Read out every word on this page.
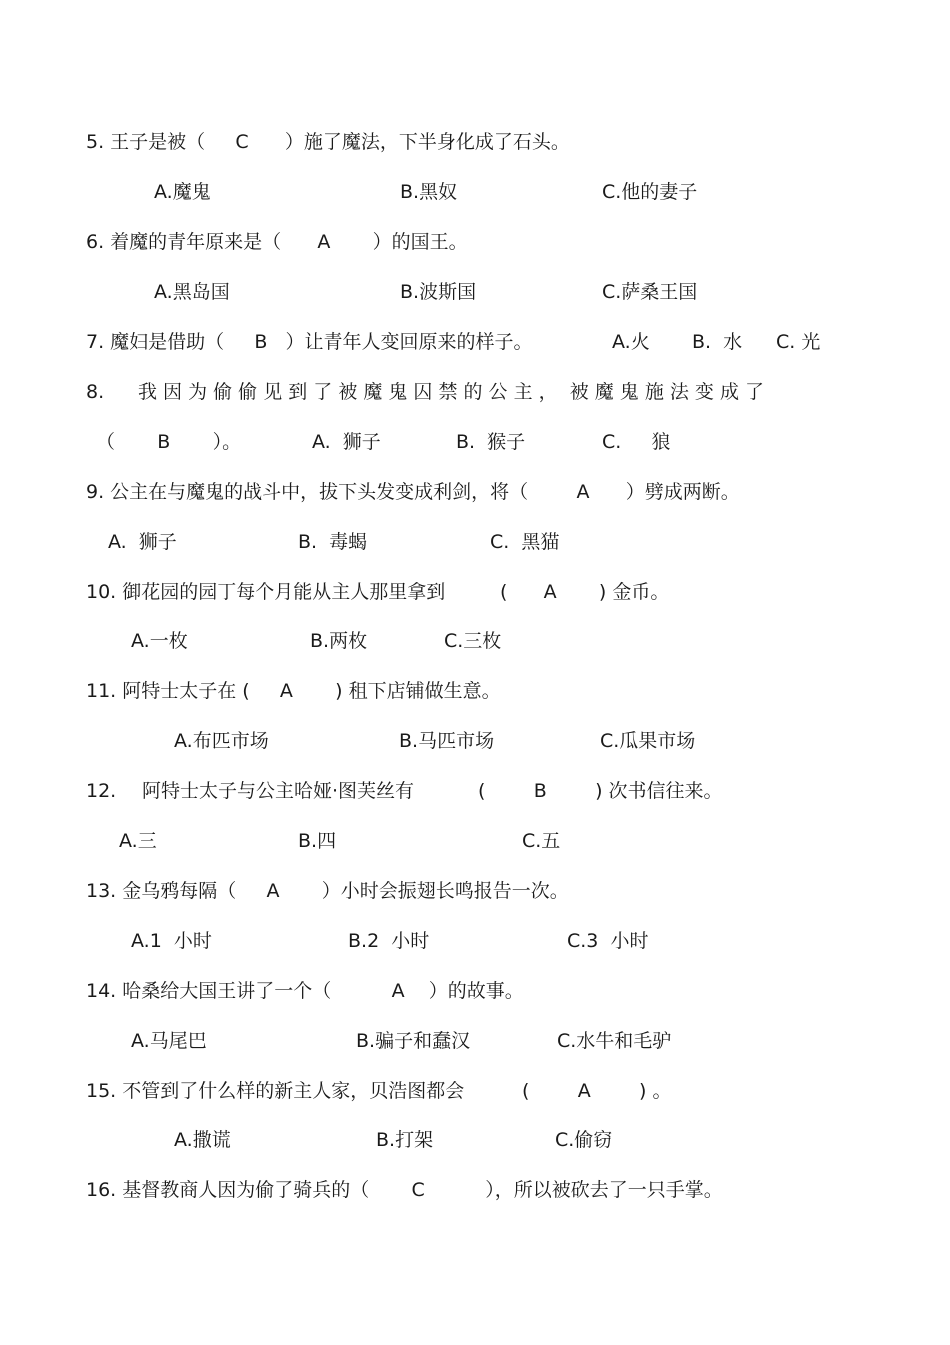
5. 王子是被（     C      ）施了魔法，下半身化成了石头。
A.魔鬼	B.黑奴	C.他的妻子
6. 着魔的青年原来是（      A       ）的国王。
A.黑岛国	B.波斯国	C.萨桑王国
7. 魔妇是借助（     B   ）让青年人变回原来的样子。	A.火 B.  水 C. 光
8. 我 因 为 偷 偷 见 到 了 被 魔 鬼 囚 禁 的 公 主 ，  被 魔 鬼 施 法 变 成 了
（       B       ）。	A.  狮子	B.  猴子	C.     狼
9. 公主在与魔鬼的战斗中，拔下头发变成利剑，将（        A      ）劈成两断。
A.  狮子	B.  毒蝎	C.  黑猫
10. 御花园的园丁每个月能从主人那里拿到	(      A       ) 金币。
A.一枚	B.两枚	C.三枚
11. 阿特士太子在 (     A       ) 租下店铺做生意。
A.布匹市场	B.马匹市场	C.瓜果市场
12. 阿特士太子与公主哈娅·图芙丝有	(        B        ) 次书信往来。
A.三	B.四	C.五
13. 金乌鸦每隔（     A       ）小时会振翅长鸣报告一次。
A.1  小时	B.2  小时	C.3  小时
14. 哈桑给大国王讲了一个（          A    ）的故事。
A.马尾巴	B.骗子和蠢汉	C.水牛和毛驴
15. 不管到了什么样的新主人家，贝浩图都会	(        A        ) 。
A.撒谎	B.打架	C.偷窃
16. 基督教商人因为偷了骑兵的（       C          ），所以被砍去了一只手掌。
